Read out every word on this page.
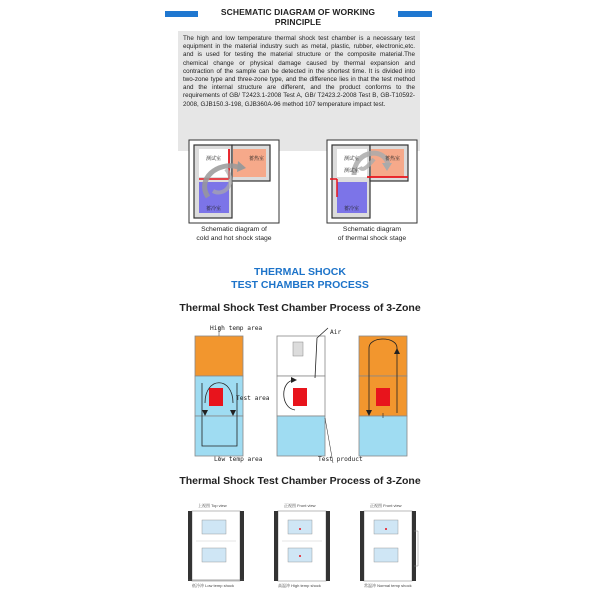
SCHEMATIC DIAGRAM OF WORKING PRINCIPLE
The high and low temperature thermal shock test chamber is a necessary test equipment in the material industry such as metal, plastic, rubber, electronic,etc. and is used for testing the material structure or the composite material.The chemical change or physical damage caused by thermal expansion and contraction of the sample can be detected in the shortest time. It is divided into two-zone type and three-zone type, and the difference lies in that the test method and the internal structure are different, and the product conforms to the requirements of GB/ T2423.1-2008 Test A, GB/ T2423.2-2008 Test B, GB-T10592-2008, GJB150.3-198, GJB360A-96 method 107 temperature impact test.
测试室	蓄热室
蓄冷室
Schematic diagram of
cold and hot shock stage
测试室	蓄热室
测试室
蓄冷室
Schematic diagram
of thermal shock stage
THERMAL SHOCK
TEST CHAMBER PROCESS
Thermal Shock Test Chamber Process of 3-Zone
High temp area
Air
Test area
Low temp area	Test product
Thermal Shock Test Chamber Process of 3-Zone
上视图 Top view	正视图 Front view	正视图 Front view
低冷冲 Low temp shock	高温冲 High temp shock	常温冲 Normal temp shock
